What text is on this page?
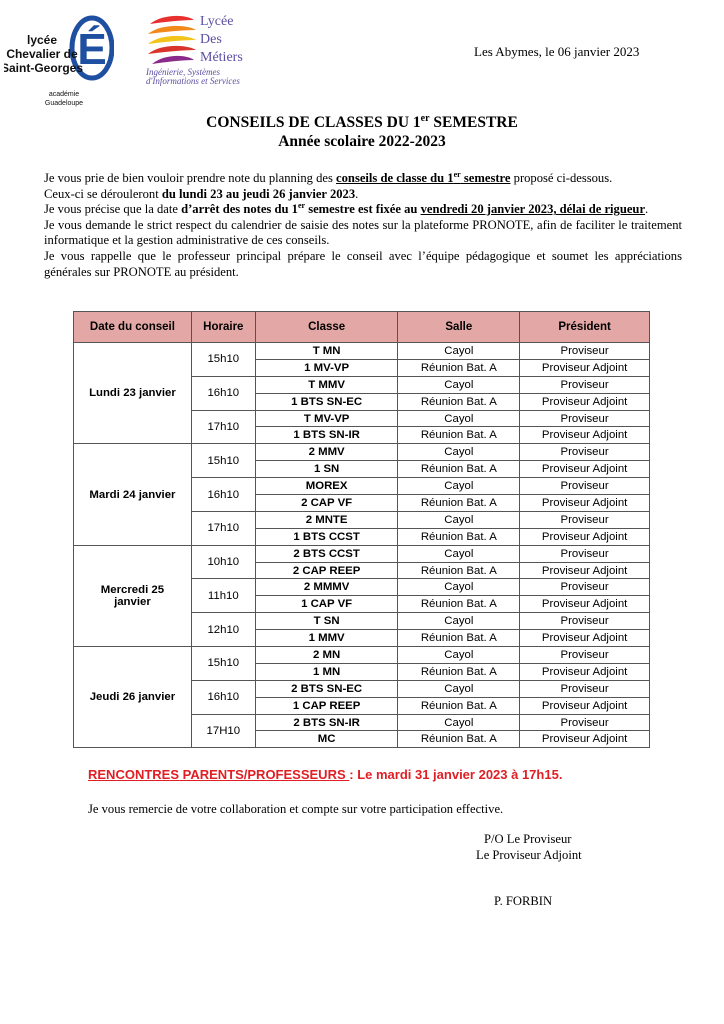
É
lycée
Chevalier de
Saint-Georges
académie
Guadeloupe
Lycée
Des
Métiers
Ingénierie, Systèmes
d'Informations et Services
Les Abymes, le 06 janvier 2023
CONSEILS DE CLASSES DU 1er SEMESTRE
Année scolaire 2022-2023
Je vous prie de bien vouloir prendre note du planning des conseils de classe du 1er semestre proposé ci-dessous.
Ceux-ci se dérouleront du lundi 23 au jeudi 26 janvier 2023.
Je vous précise que la date d’arrêt des notes du 1er semestre est fixée au vendredi 20 janvier 2023, délai de rigueur.
Je vous demande le strict respect du calendrier de saisie des notes sur la plateforme PRONOTE, afin de faciliter le traitement informatique et la gestion administrative de ces conseils.
Je vous rappelle que le professeur principal prépare le conseil avec l’équipe pédagogique et soumet les appréciations générales sur PRONOTE au président.
Date du conseil	Horaire	Classe	Salle	Président
Lundi 23 janvier	15h10	T MN	Cayol	Proviseur
		1 MV-VP	Réunion Bat. A	Proviseur Adjoint
	16h10	T MMV	Cayol	Proviseur
		1 BTS SN-EC	Réunion Bat. A	Proviseur Adjoint
	17h10	T MV-VP	Cayol	Proviseur
		1 BTS SN-IR	Réunion Bat. A	Proviseur Adjoint
Mardi 24 janvier	15h10	2 MMV	Cayol	Proviseur
		1 SN	Réunion Bat. A	Proviseur Adjoint
	16h10	MOREX	Cayol	Proviseur
		2 CAP VF	Réunion Bat. A	Proviseur Adjoint
	17h10	2 MNTE	Cayol	Proviseur
		1 BTS CCST	Réunion Bat. A	Proviseur Adjoint
Mercredi 25 janvier	10h10	2 BTS CCST	Cayol	Proviseur
		2 CAP REEP	Réunion Bat. A	Proviseur Adjoint
	11h10	2 MMMV	Cayol	Proviseur
		1 CAP VF	Réunion Bat. A	Proviseur Adjoint
	12h10	T SN	Cayol	Proviseur
		1 MMV	Réunion Bat. A	Proviseur Adjoint
Jeudi 26 janvier	15h10	2 MN	Cayol	Proviseur
		1 MN	Réunion Bat. A	Proviseur Adjoint
	16h10	2 BTS SN-EC	Cayol	Proviseur
		1 CAP REEP	Réunion Bat. A	Proviseur Adjoint
	17H10	2 BTS SN-IR	Cayol	Proviseur
		MC	Réunion Bat. A	Proviseur Adjoint
RENCONTRES PARENTS/PROFESSEURS : Le mardi 31 janvier 2023 à 17h15.
Je vous remercie de votre collaboration et compte sur votre participation effective.
P/O Le Proviseur
Le Proviseur Adjoint
P. FORBIN
